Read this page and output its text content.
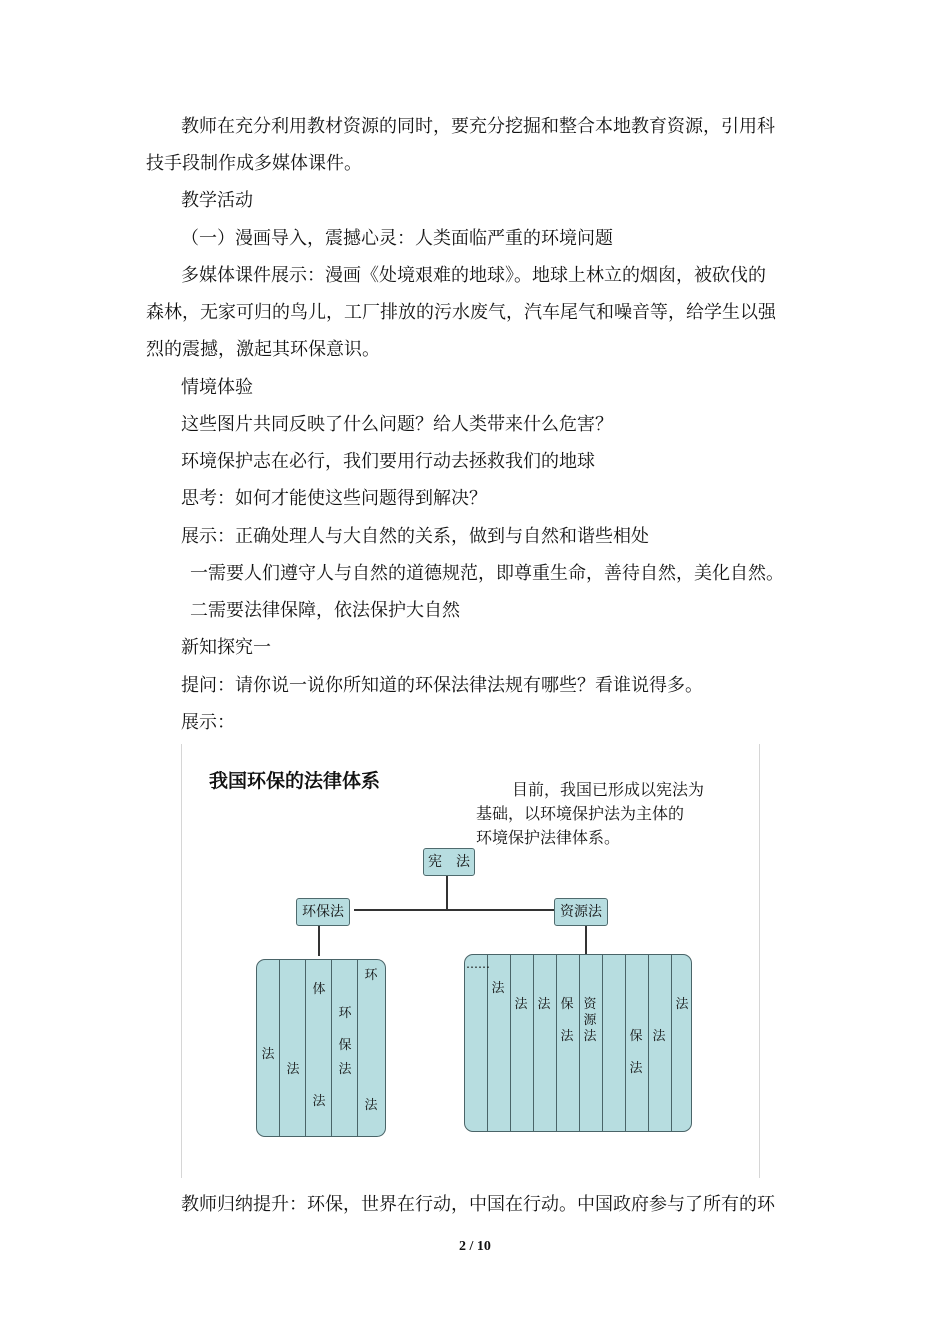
教师在充分利用教材资源的同时，要充分挖掘和整合本地教育资源，引用科
技手段制作成多媒体课件。
教学活动
（一）漫画导入，震撼心灵：人类面临严重的环境问题
多媒体课件展示：漫画《处境艰难的地球》。地球上林立的烟囱，被砍伐的
森林，无家可归的鸟儿，工厂排放的污水废气，汽车尾气和噪音等，给学生以强
烈的震撼，激起其环保意识。
情境体验
这些图片共同反映了什么问题？给人类带来什么危害？
环境保护志在必行，我们要用行动去拯救我们的地球
思考：如何才能使这些问题得到解决？
展示：正确处理人与大自然的关系，做到与自然和谐些相处
一需要人们遵守人与自然的道德规范，即尊重生命，善待自然，美化自然。
二需要法律保障，依法保护大自然
新知探究一
提问：请你说一说你所知道的环保法律法规有哪些？看谁说得多。
展示：
我国环保的法律体系	目前，我国已形成以宪法为
基础，以环境保护法为主体的
环境保护法律体系。
宪　法
环保法	资源法
法
法
体
法
环
保
法
环
法
……
法
法 法 保
法
资
源
法	保
法
法
法
教师归纳提升：环保，世界在行动，中国在行动。中国政府参与了所有的环
2 / 10
